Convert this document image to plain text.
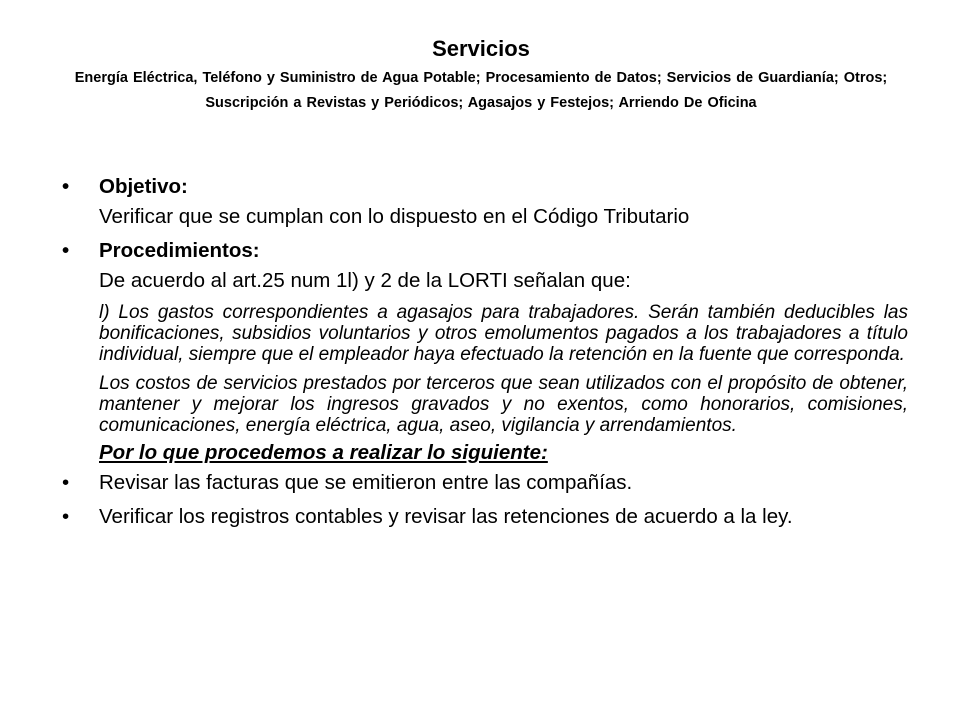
Servicios

Energía Eléctrica, Teléfono y Suministro de Agua Potable; Procesamiento de Datos; Servicios de Guardianía; Otros; Suscripción a Revistas y Periódicos; Agasajos y Festejos; Arriendo De Oficina

• Objetivo:

Verificar que se cumplan con lo dispuesto en el Código Tributario

• Procedimientos:

De acuerdo al art.25 num 1l) y 2 de la LORTI señalan que:

l) Los gastos correspondientes a agasajos para trabajadores. Serán también deducibles las bonificaciones, subsidios voluntarios y otros emolumentos pagados a los trabajadores a título individual, siempre que el empleador haya efectuado la retención en la fuente que corresponda.

Los costos de servicios prestados por terceros que sean utilizados con el propósito de obtener, mantener y mejorar los ingresos gravados y no exentos, como honorarios, comisiones, comunicaciones, energía eléctrica, agua, aseo, vigilancia y arrendamientos.

Por lo que procedemos a realizar lo siguiente:

• Revisar las facturas que se emitieron entre las compañías.

• Verificar los registros contables y revisar las retenciones de acuerdo a la ley.
